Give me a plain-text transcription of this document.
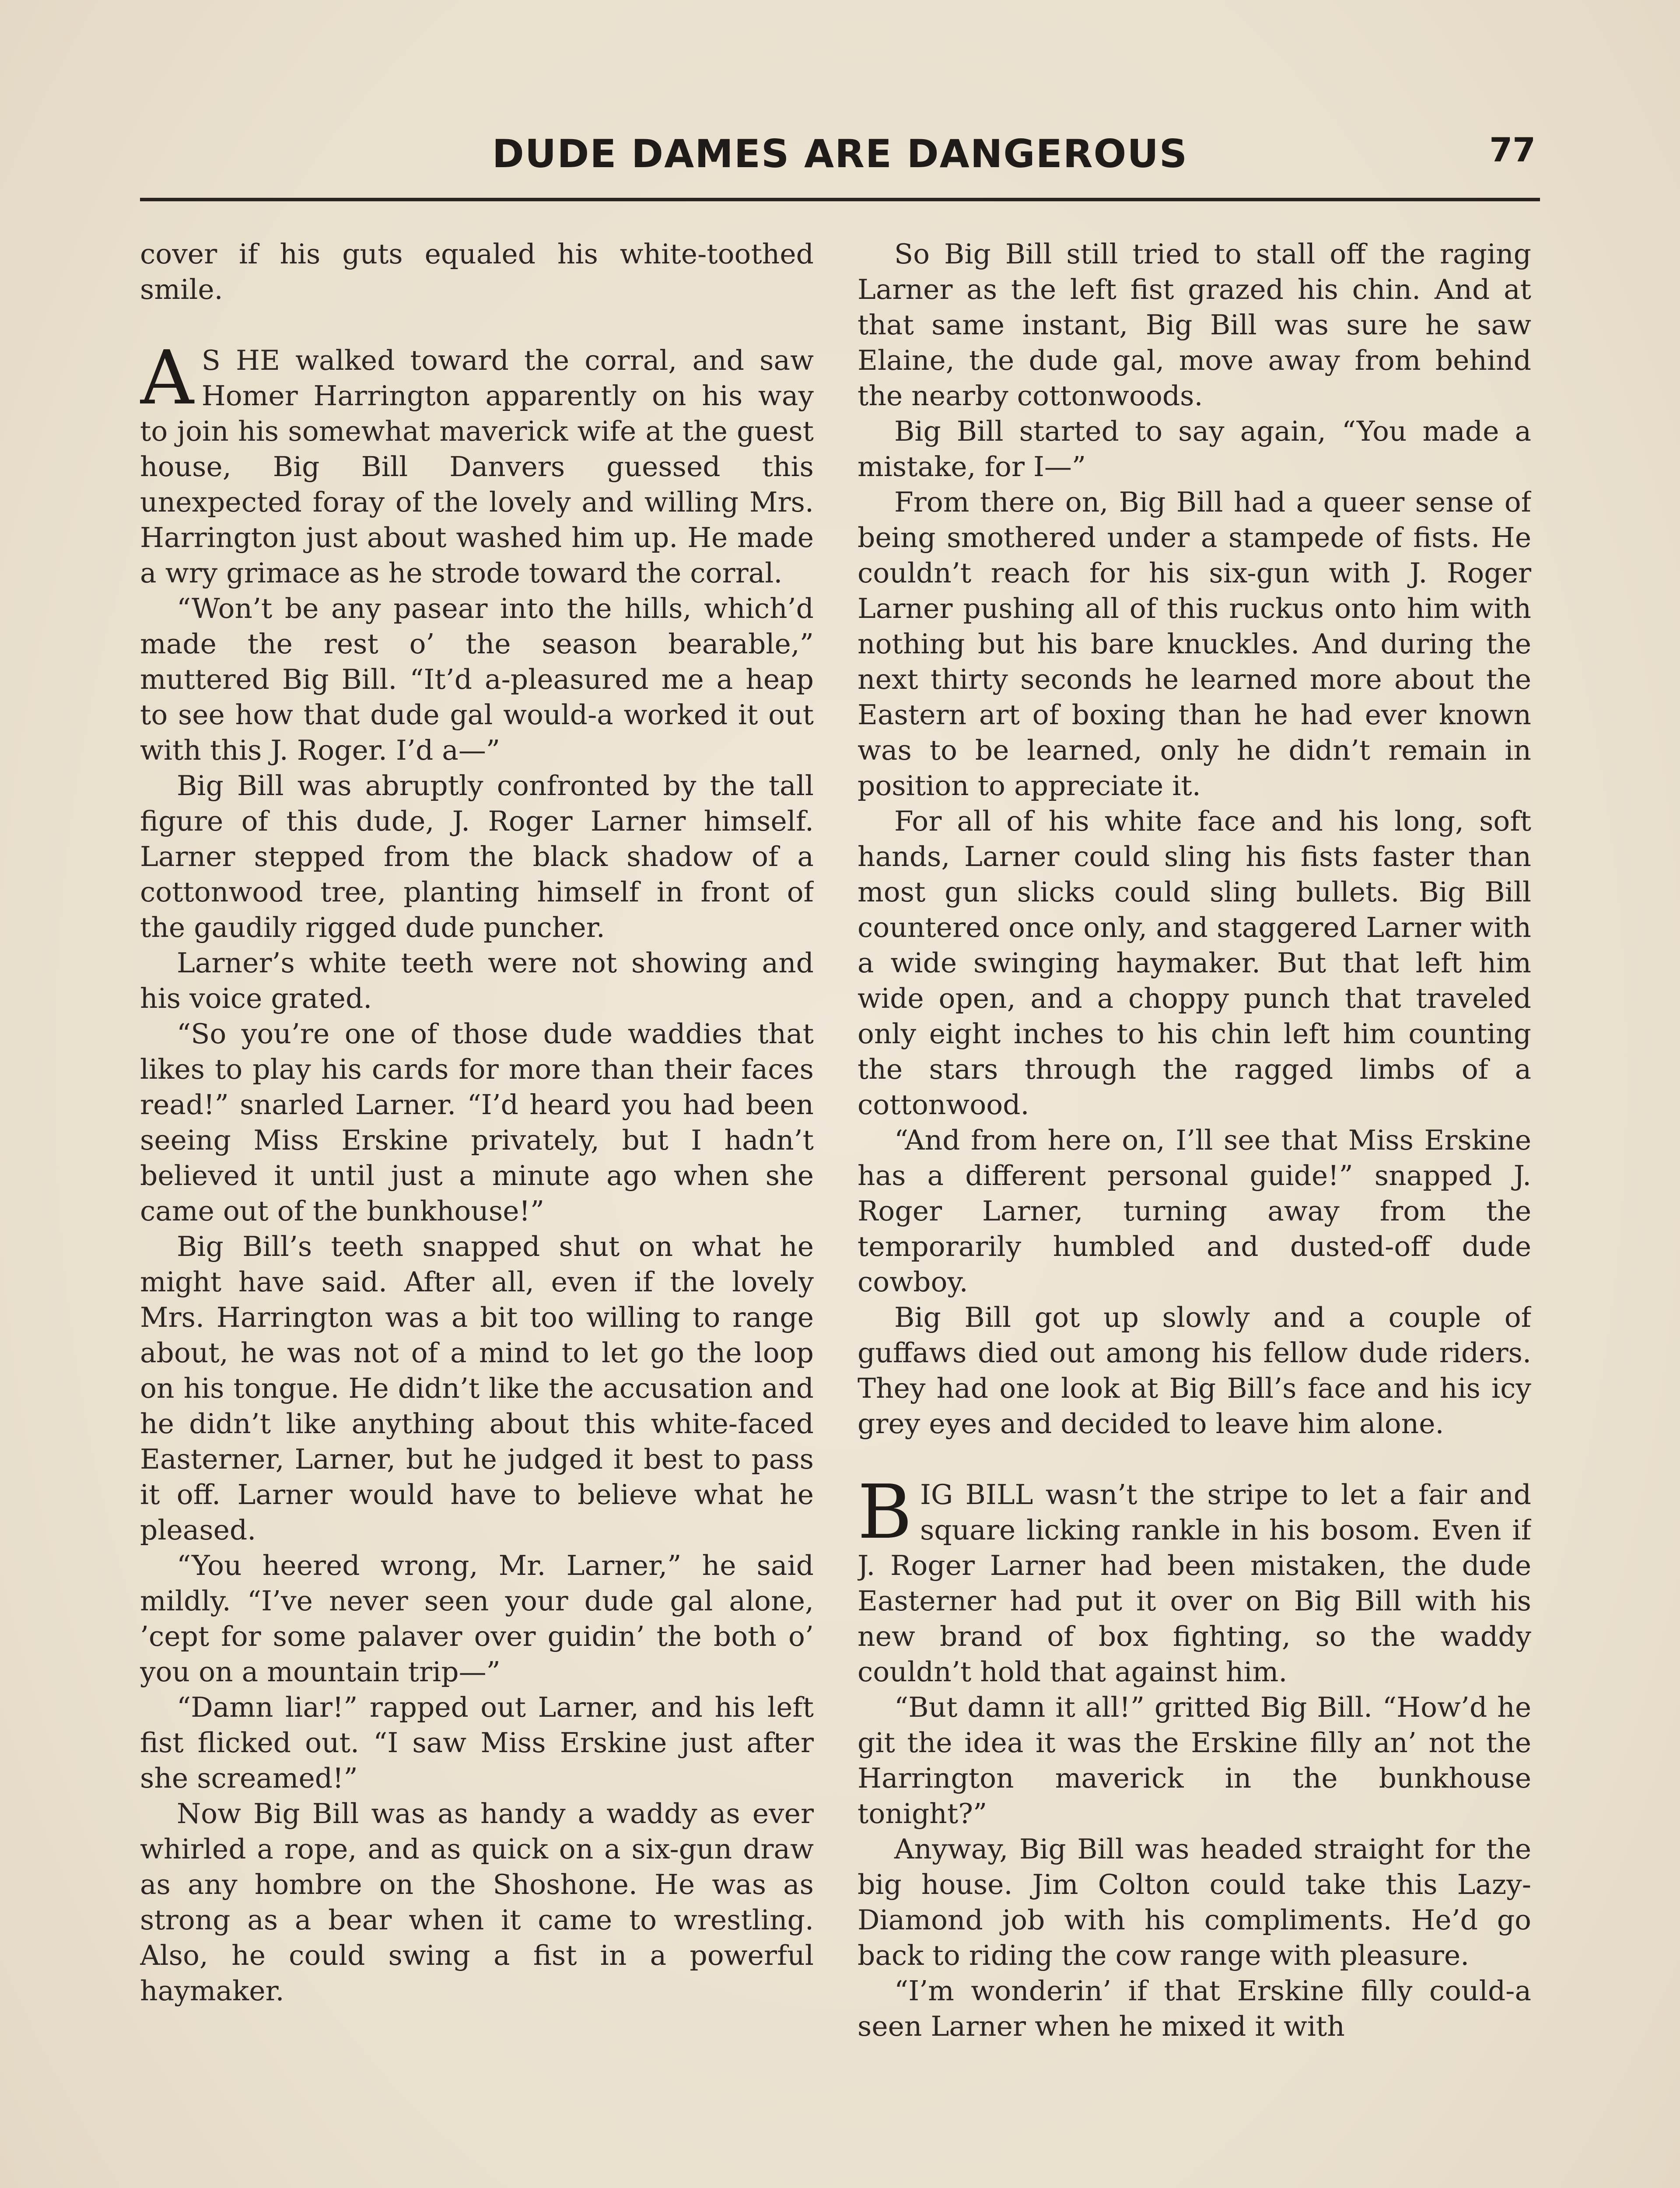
DUDE DAMES ARE DANGEROUS	77

cover if his guts equaled his white-toothed smile.

A S HE walked toward the corral, and saw Homer Harrington apparently on his way to join his somewhat maverick wife at the guest house, Big Bill Danvers guessed this unexpected foray of the lovely and willing Mrs. Harrington just about washed him up. He made a wry grimace as he strode toward the corral.

“Won’t be any pasear into the hills, which’d made the rest o’ the season bearable,” muttered Big Bill. “It’d a-pleasured me a heap to see how that dude gal would-a worked it out with this J. Roger. I’d a—”

Big Bill was abruptly confronted by the tall figure of this dude, J. Roger Larner himself. Larner stepped from the black shadow of a cottonwood tree, planting himself in front of the gaudily rigged dude puncher.

Larner’s white teeth were not showing and his voice grated.

“So you’re one of those dude waddies that likes to play his cards for more than their faces read!” snarled Larner. “I’d heard you had been seeing Miss Erskine privately, but I hadn’t believed it until just a minute ago when she came out of the bunkhouse!”

Big Bill’s teeth snapped shut on what he might have said. After all, even if the lovely Mrs. Harrington was a bit too willing to range about, he was not of a mind to let go the loop on his tongue. He didn’t like the accusation and he didn’t like anything about this white-faced Easterner, Larner, but he judged it best to pass it off. Larner would have to believe what he pleased.

“You heered wrong, Mr. Larner,” he said mildly. “I’ve never seen your dude gal alone, ’cept for some palaver over guidin’ the both o’ you on a mountain trip—”

“Damn liar!” rapped out Larner, and his left fist flicked out. “I saw Miss Erskine just after she screamed!”

Now Big Bill was as handy a waddy as ever whirled a rope, and as quick on a six-gun draw as any hombre on the Shoshone. He was as strong as a bear when it came to wrestling. Also, he could swing a fist in a powerful haymaker.

So Big Bill still tried to stall off the raging Larner as the left fist grazed his chin. And at that same instant, Big Bill was sure he saw Elaine, the dude gal, move away from behind the nearby cottonwoods.

Big Bill started to say again, “You made a mistake, for I—”

From there on, Big Bill had a queer sense of being smothered under a stampede of fists. He couldn’t reach for his six-gun with J. Roger Larner pushing all of this ruckus onto him with nothing but his bare knuckles. And during the next thirty seconds he learned more about the Eastern art of boxing than he had ever known was to be learned, only he didn’t remain in position to appreciate it.

For all of his white face and his long, soft hands, Larner could sling his fists faster than most gun slicks could sling bullets. Big Bill countered once only, and staggered Larner with a wide swinging haymaker. But that left him wide open, and a choppy punch that traveled only eight inches to his chin left him counting the stars through the ragged limbs of a cottonwood.

“And from here on, I’ll see that Miss Erskine has a different personal guide!” snapped J. Roger Larner, turning away from the temporarily humbled and dusted-off dude cowboy.

Big Bill got up slowly and a couple of guffaws died out among his fellow dude riders. They had one look at Big Bill’s face and his icy grey eyes and decided to leave him alone.

BIG BILL wasn’t the stripe to let a fair and square licking rankle in his bosom. Even if J. Roger Larner had been mistaken, the dude Easterner had put it over on Big Bill with his new brand of box fighting, so the waddy couldn’t hold that against him.

“But damn it all!” gritted Big Bill. “How’d he git the idea it was the Erskine filly an’ not the Harrington maverick in the bunkhouse tonight?”

Anyway, Big Bill was headed straight for the big house. Jim Colton could take this Lazy-Diamond job with his compliments. He’d go back to riding the cow range with pleasure.

“I’m wonderin’ if that Erskine filly could-a seen Larner when he mixed it with
